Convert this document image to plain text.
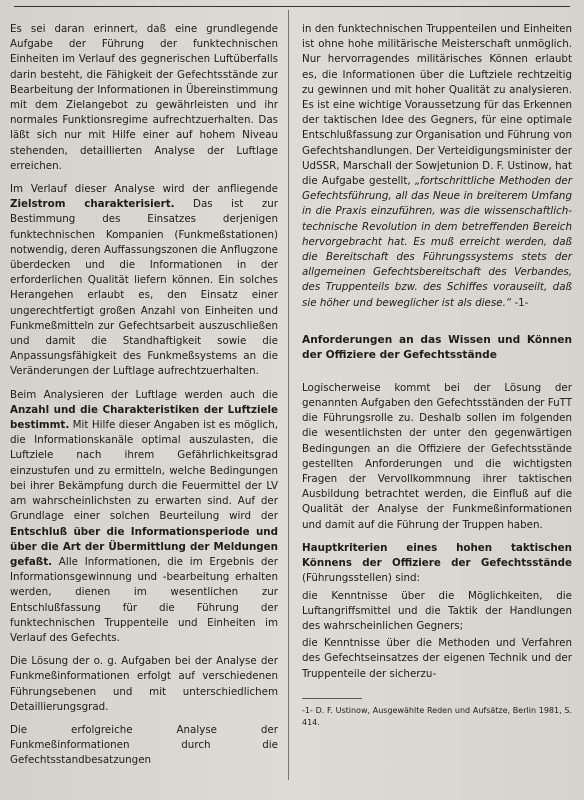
Es sei daran erinnert, daß eine grundlegende Aufgabe der Führung der funktechnischen Einheiten im Verlauf des gegnerischen Luftüberfalls darin besteht, die Fähigkeit der Gefechtsstände zur Bearbeitung der Informationen in Übereinstimmung mit dem Zielangebot zu gewährleisten und ihr normales Funktionsregime aufrechtzuerhalten. Das läßt sich nur mit Hilfe einer auf hohem Niveau stehenden, detaillierten Analyse der Luftlage erreichen.

Im Verlauf dieser Analyse wird der anfliegende Zielstrom charakterisiert. Das ist zur Bestimmung des Einsatzes derjenigen funktechnischen Kompanien (Funkmeßstationen) notwendig, deren Auffassungszonen die Anflugzone überdecken und die Informationen in der erforderlichen Qualität liefern können. Ein solches Herangehen erlaubt es, den Einsatz einer ungerechtfertigt großen Anzahl von Einheiten und Funkmeßmitteln zur Gefechtsarbeit auszuschließen und damit die Standhaftigkeit sowie die Anpassungsfähigkeit des Funkmeßsystems an die Veränderungen der Luftlage aufrechtzuerhalten.

Beim Analysieren der Luftlage werden auch die Anzahl und die Charakteristiken der Luftziele bestimmt. Mit Hilfe dieser Angaben ist es möglich, die Informationskanäle optimal auszulasten, die Luftziele nach ihrem Gefährlichkeitsgrad einzustufen und zu ermitteln, welche Bedingungen bei ihrer Bekämpfung durch die Feuermittel der LV am wahrscheinlichsten zu erwarten sind. Auf der Grundlage einer solchen Beurteilung wird der Entschluß über die Informationsperiode und über die Art der Übermittlung der Meldungen gefaßt. Alle Informationen, die im Ergebnis der Informationsgewinnung und -bearbeitung erhalten werden, dienen im wesentlichen zur Entschlußfassung für die Führung der funktechnischen Truppenteile und Einheiten im Verlauf des Gefechts.

Die Lösung der o. g. Aufgaben bei der Analyse der Funkmeßinformationen erfolgt auf verschiedenen Führungsebenen und mit unterschiedlichem Detaillierungsgrad.

Die erfolgreiche Analyse der Funkmeßinformationen durch die Gefechtsstandbesatzungen

in den funktechnischen Truppenteilen und Einheiten ist ohne hohe militärische Meisterschaft unmöglich. Nur hervorragendes militärisches Können erlaubt es, die Informationen über die Luftziele rechtzeitig zu gewinnen und mit hoher Qualität zu analysieren. Es ist eine wichtige Voraussetzung für das Erkennen der taktischen Idee des Gegners, für eine optimale Entschlußfassung zur Organisation und Führung von Gefechtshandlungen. Der Verteidigungsminister der UdSSR, Marschall der Sowjetunion D. F. Ustinow, hat die Aufgabe gestellt, „fortschrittliche Methoden der Gefechtsführung, all das Neue in breiterem Umfang in die Praxis einzuführen, was die wissenschaftlich-technische Revolution in dem betreffenden Bereich hervorgebracht hat. Es muß erreicht werden, daß die Bereitschaft des Führungssystems stets der allgemeinen Gefechtsbereitschaft des Verbandes, des Truppenteils bzw. des Schiffes vorauseilt, daß sie höher und beweglicher ist als diese.“ -1-

Anforderungen an das Wissen und Können der Offiziere der Gefechtsstände

Logischerweise kommt bei der Lösung der genannten Aufgaben den Gefechtsständen der FuTT die Führungsrolle zu. Deshalb sollen im folgenden die wesentlichsten der unter den gegenwärtigen Bedingungen an die Offiziere der Gefechtsstände gestellten Anforderungen und die wichtigsten Fragen der Vervollkommnung ihrer taktischen Ausbildung betrachtet werden, die Einfluß auf die Qualität der Analyse der Funkmeßinformationen und damit auf die Führung der Truppen haben.

Hauptkriterien eines hohen taktischen Könnens der Offiziere der Gefechtsstände (Führungsstellen) sind:

die Kenntnisse über die Möglichkeiten, die Luftangriffsmittel und die Taktik der Handlungen des wahrscheinlichen Gegners;

die Kenntnisse über die Methoden und Verfahren des Gefechtseinsatzes der eigenen Technik und der Truppenteile der sicherzu-

-1- D. F. Ustinow, Ausgewählte Reden und Aufsätze, Berlin 1981, S. 414.
